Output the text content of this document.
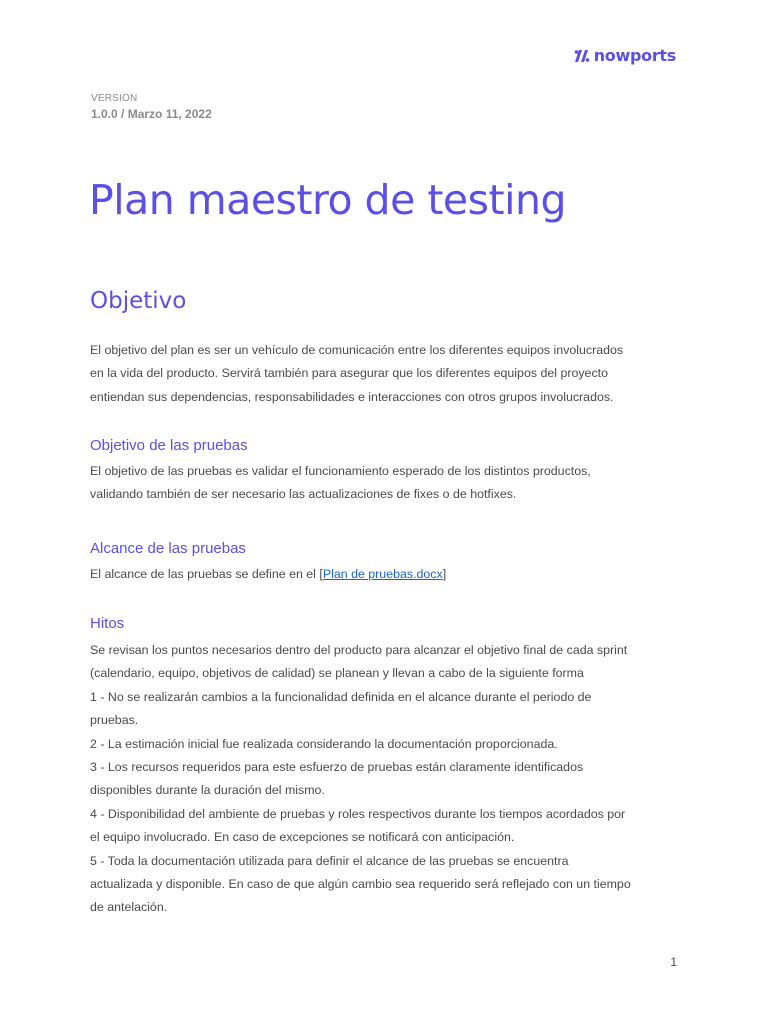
nowports
VERSION
1.0.0 / Marzo 11, 2022
Plan maestro de testing
Objetivo

El objetivo del plan es ser un vehículo de comunicación entre los diferentes equipos involucrados
en la vida del producto. Servirá también para asegurar que los diferentes equipos del proyecto
entiendan sus dependencias, responsabilidades e interacciones con otros grupos involucrados.

Objetivo de las pruebas

El objetivo de las pruebas es validar el funcionamiento esperado de los distintos productos,
validando también de ser necesario las actualizaciones de fixes o de hotfixes.

Alcance de las pruebas

El alcance de las pruebas se define en el [Plan de pruebas.docx]

Hitos

Se revisan los puntos necesarios dentro del producto para alcanzar el objetivo final de cada sprint
(calendario, equipo, objetivos de calidad) se planean y llevan a cabo de la siguiente forma
1 - No se realizarán cambios a la funcionalidad definida en el alcance durante el periodo de
pruebas.
2 - La estimación inicial fue realizada considerando la documentación proporcionada.
3 - Los recursos requeridos para este esfuerzo de pruebas están claramente identificados
disponibles durante la duración del mismo.
4 - Disponibilidad del ambiente de pruebas y roles respectivos durante los tiempos acordados por
el equipo involucrado. En caso de excepciones se notificará con anticipación.
5 - Toda la documentación utilizada para definir el alcance de las pruebas se encuentra
actualizada y disponible. En caso de que algún cambio sea requerido será reflejado con un tiempo
de antelación.

1
